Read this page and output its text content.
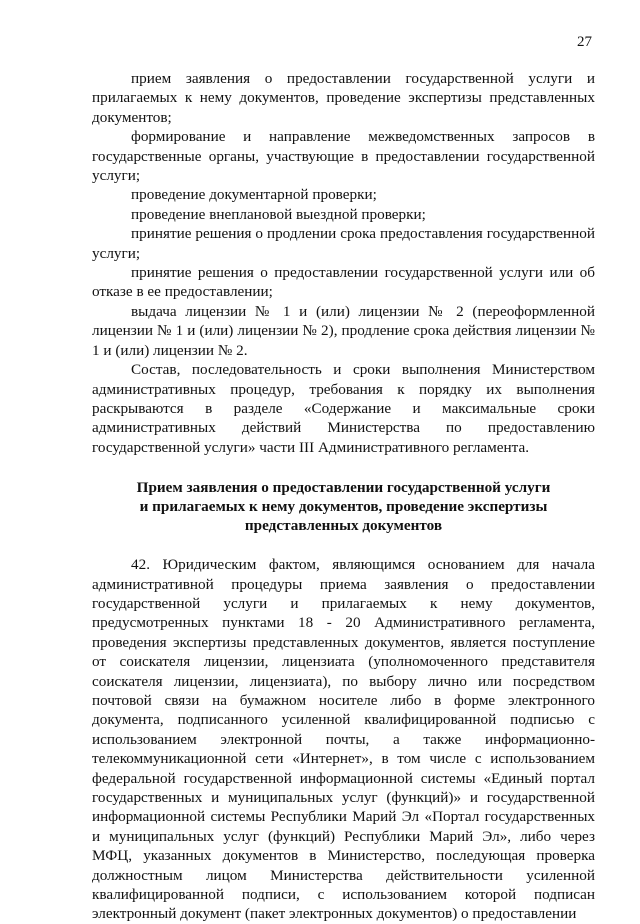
27

прием заявления о предоставлении государственной услуги и прилагаемых к нему документов, проведение экспертизы представленных документов;

формирование и направление межведомственных запросов в государственные органы, участвующие в предоставлении государственной услуги;

проведение документарной проверки;

проведение внеплановой выездной проверки;

принятие решения о продлении срока предоставления государственной услуги;

принятие решения о предоставлении государственной услуги или об отказе в ее предоставлении;

выдача лицензии № 1 и (или) лицензии № 2 (переоформленной лицензии № 1 и (или) лицензии № 2), продление срока действия лицензии № 1 и (или) лицензии № 2.

Состав, последовательность и сроки выполнения Министерством административных процедур, требования к порядку их выполнения раскрываются в разделе «Содержание и максимальные сроки административных действий Министерства по предоставлению государственной услуги» части III Административного регламента.

Прием заявления о предоставлении государственной услуги
и прилагаемых к нему документов, проведение экспертизы
представленных документов

42. Юридическим фактом, являющимся основанием для начала административной процедуры приема заявления о предоставлении государственной услуги и прилагаемых к нему документов, предусмотренных пунктами 18 - 20 Административного регламента, проведения экспертизы представленных документов, является поступление от соискателя лицензии, лицензиата (уполномоченного представителя соискателя лицензии, лицензиата), по выбору лично или посредством почтовой связи на бумажном носителе либо в форме электронного документа, подписанного усиленной квалифицированной подписью с использованием электронной почты, а также информационно-телекоммуникационной сети «Интернет», в том числе с использованием федеральной государственной информационной системы «Единый портал государственных и муниципальных услуг (функций)» и государственной информационной системы Республики Марий Эл «Портал государственных и муниципальных услуг (функций) Республики Марий Эл», либо через МФЦ, указанных документов в Министерство, последующая проверка должностным лицом Министерства действительности усиленной квалифицированной подписи, с использованием которой подписан электронный документ (пакет электронных документов) о предоставлении
